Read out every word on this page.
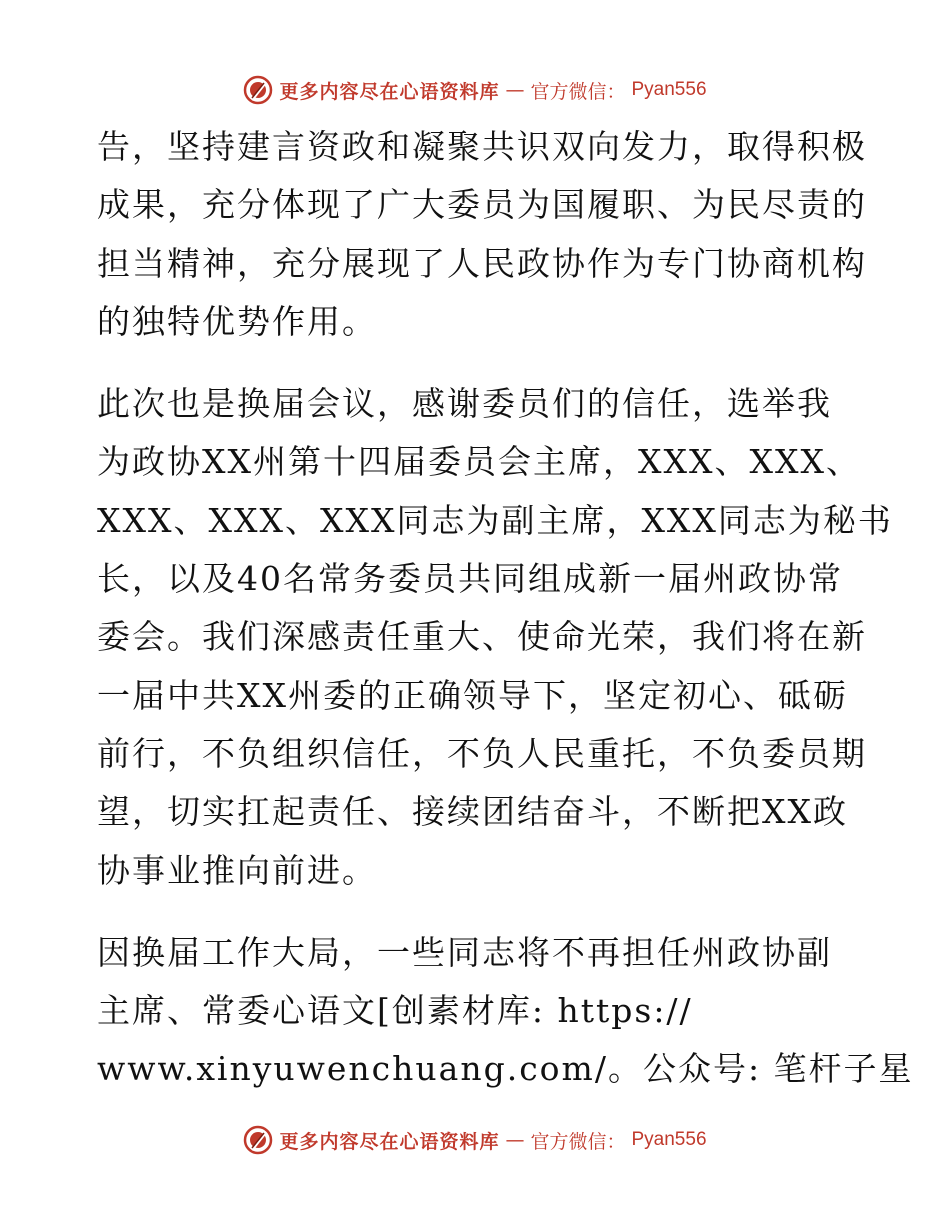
更多内容尽在心语资料库 — 官方微信： Pyan556

告，坚持建言资政和凝聚共识双向发力，取得积极
成果，充分体现了广大委员为国履职、为民尽责的
担当精神，充分展现了人民政协作为专门协商机构
的独特优势作用。

此次也是换届会议，感谢委员们的信任，选举我
为政协XX州第十四届委员会主席，XXX、XXX、
XXX、XXX、XXX同志为副主席，XXX同志为秘书
长，以及40名常务委员共同组成新一届州政协常
委会。我们深感责任重大、使命光荣，我们将在新
一届中共XX州委的正确领导下，坚定初心、砥砺
前行，不负组织信任，不负人民重托，不负委员期
望，切实扛起责任、接续团结奋斗，不断把XX政
协事业推向前进。

因换届工作大局，一些同志将不再担任州政协副
主席、常委心语文[创素材库: https://
www.xinyuwenchuang.com/。公众号: 笔杆子星

更多内容尽在心语资料库 — 官方微信： Pyan556
